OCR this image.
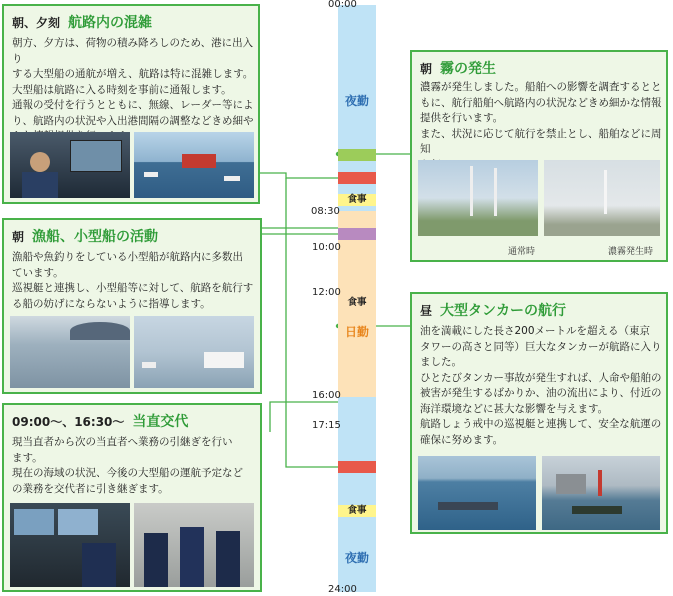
食事
食事
食事
夜勤
日勤
夜勤
00:00
08:30
10:00
12:00
16:00
17:15
24:00
朝、夕刻 航路内の混雑
朝方、夕方は、荷物の積み降ろしのため、港に出入り
する大型船の通航が増え、航路は特に混雑します。
大型船は航路に入る時刻を事前に通報します。
通報の受付を行うとともに、無線、レーダー等によ
り、航路内の状況や入出港間隔の調整などきめ細や

朝 漁船、小型船の活動
漁船や魚釣りをしている小型船が航路内に多数出
ています。
巡視艇と連携し、小型船等に対して、航路を航行す
る船の妨げにならないように指導します。
09:00～、16:30～ 当直交代
現当直者から次の当直者へ業務の引継ぎを行い
ます。
現在の海域の状況、今後の大型船の運航予定など
の業務を交代者に引き継ぎます。
朝 霧の発生
濃霧が発生しました。船舶への影響を調査するとと
もに、航行船舶へ航路内の状況などきめ細かな情報
提供を行います。
また、状況に応じて航行を禁止とし、船舶などに周知

通常時	濃霧発生時
昼 大型タンカーの航行
油を満載にした長さ200メートルを超える（東京
タワーの高さと同等）巨大なタンカーが航路に入り
ました。
ひとたびタンカー事故が発生すれば、人命や船舶の
被害が発生するばかりか、油の流出により、付近の
海洋環境などに甚大な影響を与えます。
航路しょう戒中の巡視艇と連携して、安全な航運の
確保に努めます。
